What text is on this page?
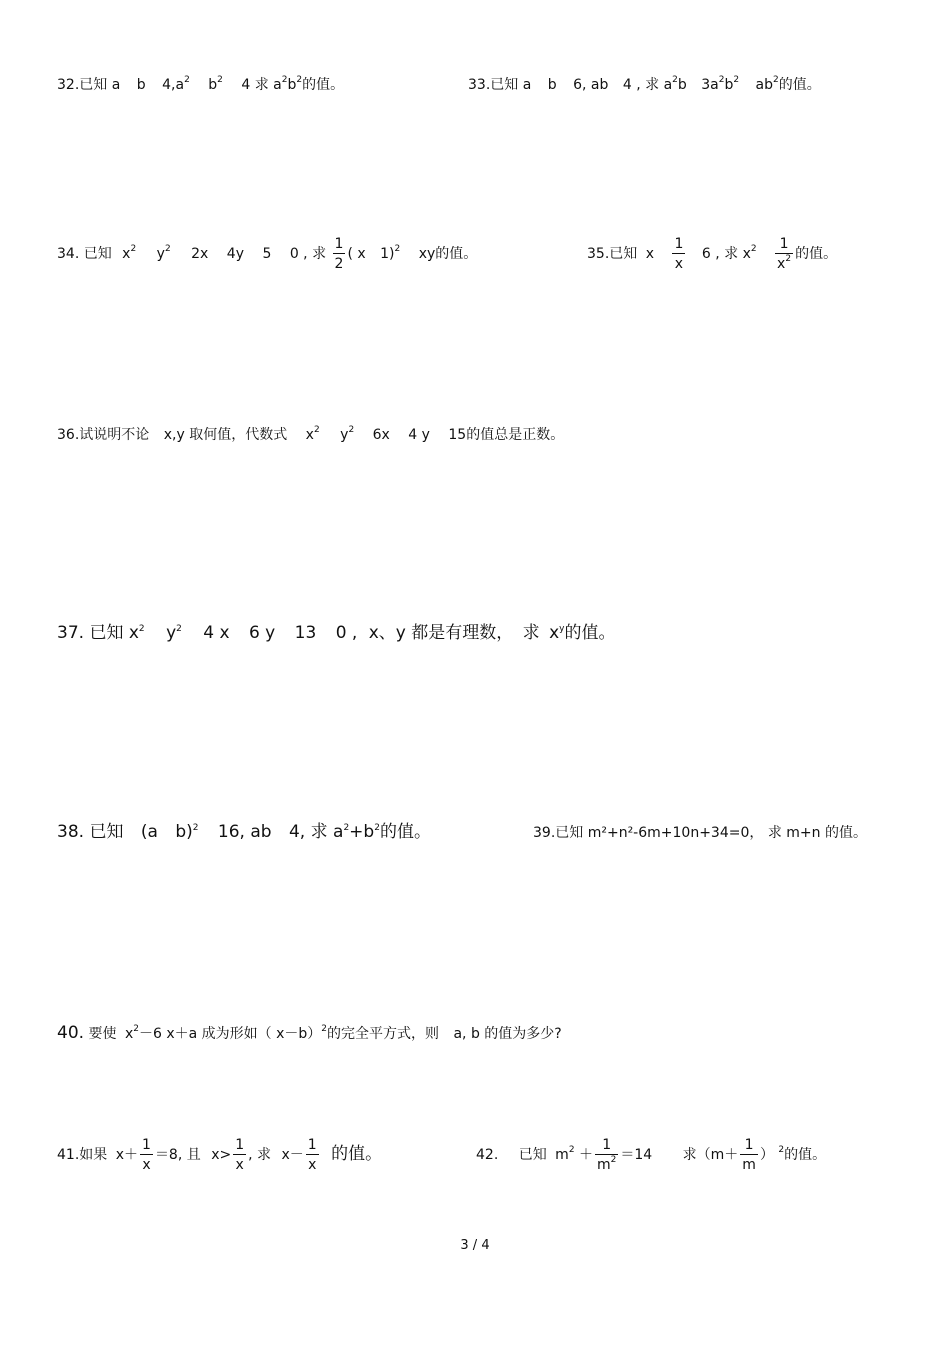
32.已知 a b $4,a^2$ $b^2$ 4 求 $a^2b^2$的值。	33.已知 a b 6, ab 4 , 求 $a^2b$ $3a^2b^2$ $ab^2$的值。
34. 已知 $x^2$ $y^2$ 2x 4y 5 0 , 求 $\frac{1}{2}$ ( x 1)$^2$ xy的值。	35.已知 x $\frac{1}{x} 6$ , 求 $x^2 \frac{1}{x^2}$ 的值。
36.试说明不论 x,y 取何值，代数式 $x^2$ $y^2$ 6x 4 y 15的值总是正数。
37. 已知 $x^2$ $y^2$ 4 x 6 y 13 0 , x、y 都是有理数， 求 $x^y$的值。
38. 已知 (a b)$^2$ 16, ab 4, 求 $a^2+b^2$的值。	39.已知 m²+n²-6m+10n+34=0， 求 m+n 的值。
40. 要使 $x^2-6$ x＋a 成为形如（ x－b）$^2$的完全平方式，则 a, b 的值为多少?
41.如果 $x+ \frac{1}{x} =8$, 且 $x> \frac{1}{x}$ , 求 $x- \frac{1}{x}$ 的值。	42. 已知 $m^2 + \frac{1}{m^2} =14$ 求（$m+ \frac{1}{m}$ ） $^2$的值。
3 / 4
